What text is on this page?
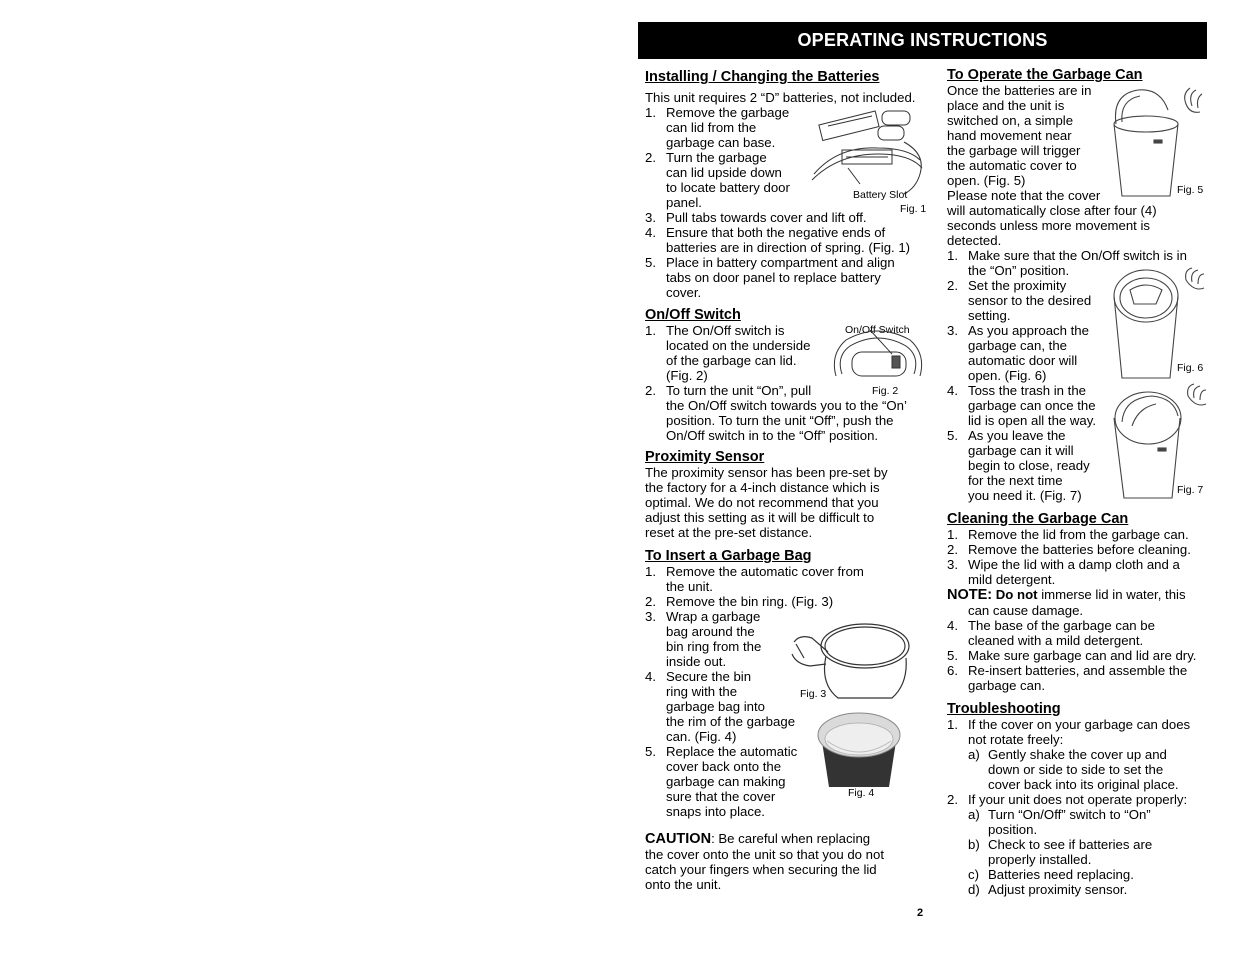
OPERATING INSTRUCTIONS
Installing / Changing the Batteries
This unit requires 2 “D” batteries, not included.
1. Remove the garbage
can lid from the
garbage can base.
2. Turn the garbage
can lid upside down
to locate battery door
panel.
3. Pull tabs towards cover and lift off.
4. Ensure that both the negative ends of
batteries are in direction of spring. (Fig. 1)
5. Place in battery compartment and align
tabs on door panel to replace battery
cover.
Battery Slot
Fig. 1
On/Off Switch
1. The On/Off switch is
located on the underside
of the garbage can lid.
(Fig. 2)
2. To turn the unit “On”, pull
the On/Off switch towards you to the “On’
position. To turn the unit “Off”, push the
On/Off switch in to the “Off” position.
On/Off Switch
Fig. 2
Proximity Sensor
The proximity sensor has been pre-set by
the factory for a 4-inch distance which is
optimal. We do not recommend that you
adjust this setting as it will be difficult to
reset at the pre-set distance.
To Insert a Garbage Bag
1. Remove the automatic cover from
the unit.
2. Remove the bin ring. (Fig. 3)
3. Wrap a garbage
bag around the
bin ring from the
inside out.
4. Secure the bin
ring with the
garbage bag into
the rim of the garbage
can. (Fig. 4)
5. Replace the automatic
cover back onto the
garbage can making
sure that the cover
snaps into place.
Fig. 3
Fig. 4
CAUTION: Be careful when replacing
the cover onto the unit so that you do not
catch your fingers when securing the lid
onto the unit.
To Operate the Garbage Can
Once the batteries are in
place and the unit is
switched on, a simple
hand movement near
the garbage will trigger
the automatic cover to
open. (Fig. 5)
Please note that the cover
will automatically close after four (4)
seconds unless more movement is
detected.
1. Make sure that the On/Off switch is in
the “On” position.
2. Set the proximity
sensor to the desired
setting.
3. As you approach the
garbage can, the
automatic door will
open. (Fig. 6)
4. Toss the trash in the
garbage can once the
lid is open all the way.
5. As you leave the
garbage can it will
begin to close, ready
for the next time
you need it. (Fig. 7)
Fig. 5
Fig. 6
Fig. 7
Cleaning the Garbage Can
1. Remove the lid from the garbage can.
2. Remove the batteries before cleaning.
3. Wipe the lid with a damp cloth and a
mild detergent.
NOTE: Do not immerse lid in water, this
can cause damage.
4. The base of the garbage can be
cleaned with a mild detergent.
5. Make sure garbage can and lid are dry.
6. Re-insert batteries, and assemble the
garbage can.
Troubleshooting
1. If the cover on your garbage can does
not rotate freely:
a) Gently shake the cover up and
down or side to side to set the
cover back into its original place.
2. If your unit does not operate properly:
a) Turn “On/Off” switch to “On”
position.
b) Check to see if batteries are
properly installed.
c) Batteries need replacing.
d) Adjust proximity sensor.
2
